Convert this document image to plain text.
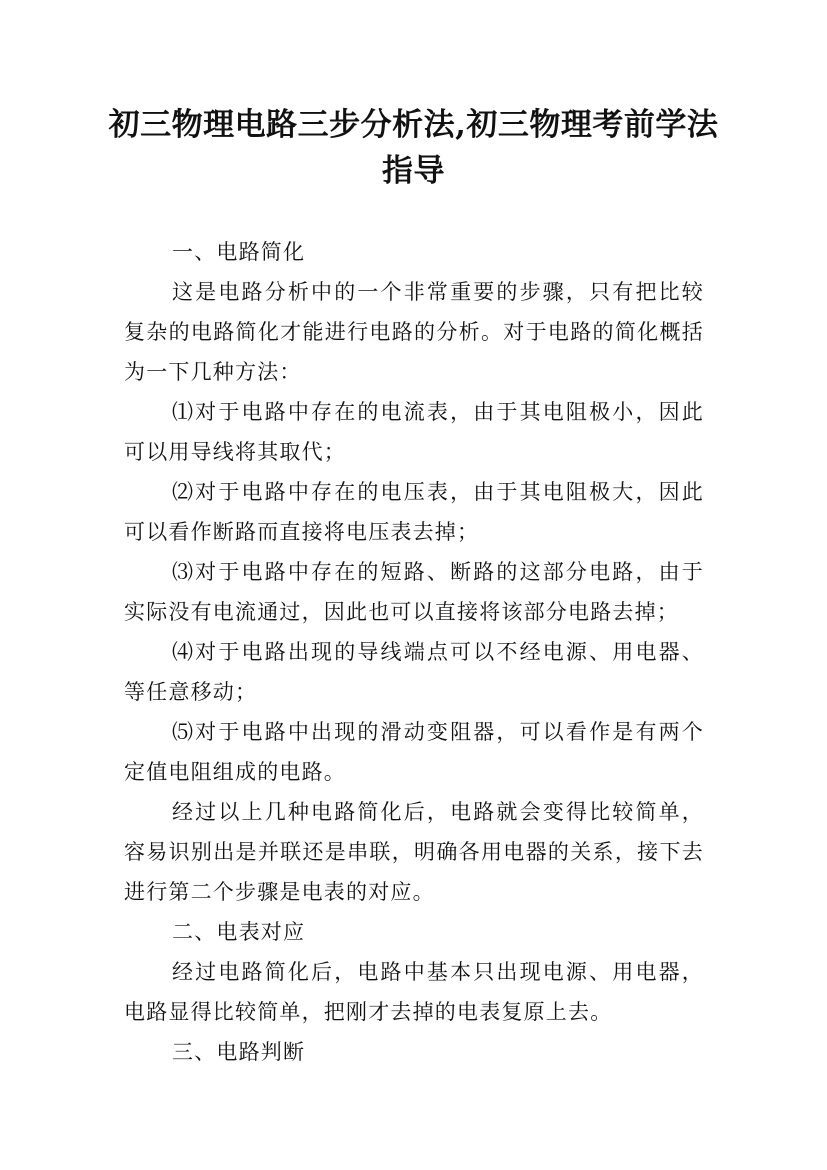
初三物理电路三步分析法,初三物理考前学法指导

一、电路简化

这是电路分析中的一个非常重要的步骤，只有把比较复杂的电路简化才能进行电路的分析。对于电路的简化概括为一下几种方法：

⑴对于电路中存在的电流表，由于其电阻极小，因此可以用导线将其取代；

⑵对于电路中存在的电压表，由于其电阻极大，因此可以看作断路而直接将电压表去掉；

⑶对于电路中存在的短路、断路的这部分电路，由于实际没有电流通过，因此也可以直接将该部分电路去掉；

⑷对于电路出现的导线端点可以不经电源、用电器、等任意移动；

⑸对于电路中出现的滑动变阻器，可以看作是有两个定值电阻组成的电路。

经过以上几种电路简化后，电路就会变得比较简单，容易识别出是并联还是串联，明确各用电器的关系，接下去进行第二个步骤是电表的对应。

二、电表对应

经过电路简化后，电路中基本只出现电源、用电器，电路显得比较简单，把刚才去掉的电表复原上去。

三、电路判断
